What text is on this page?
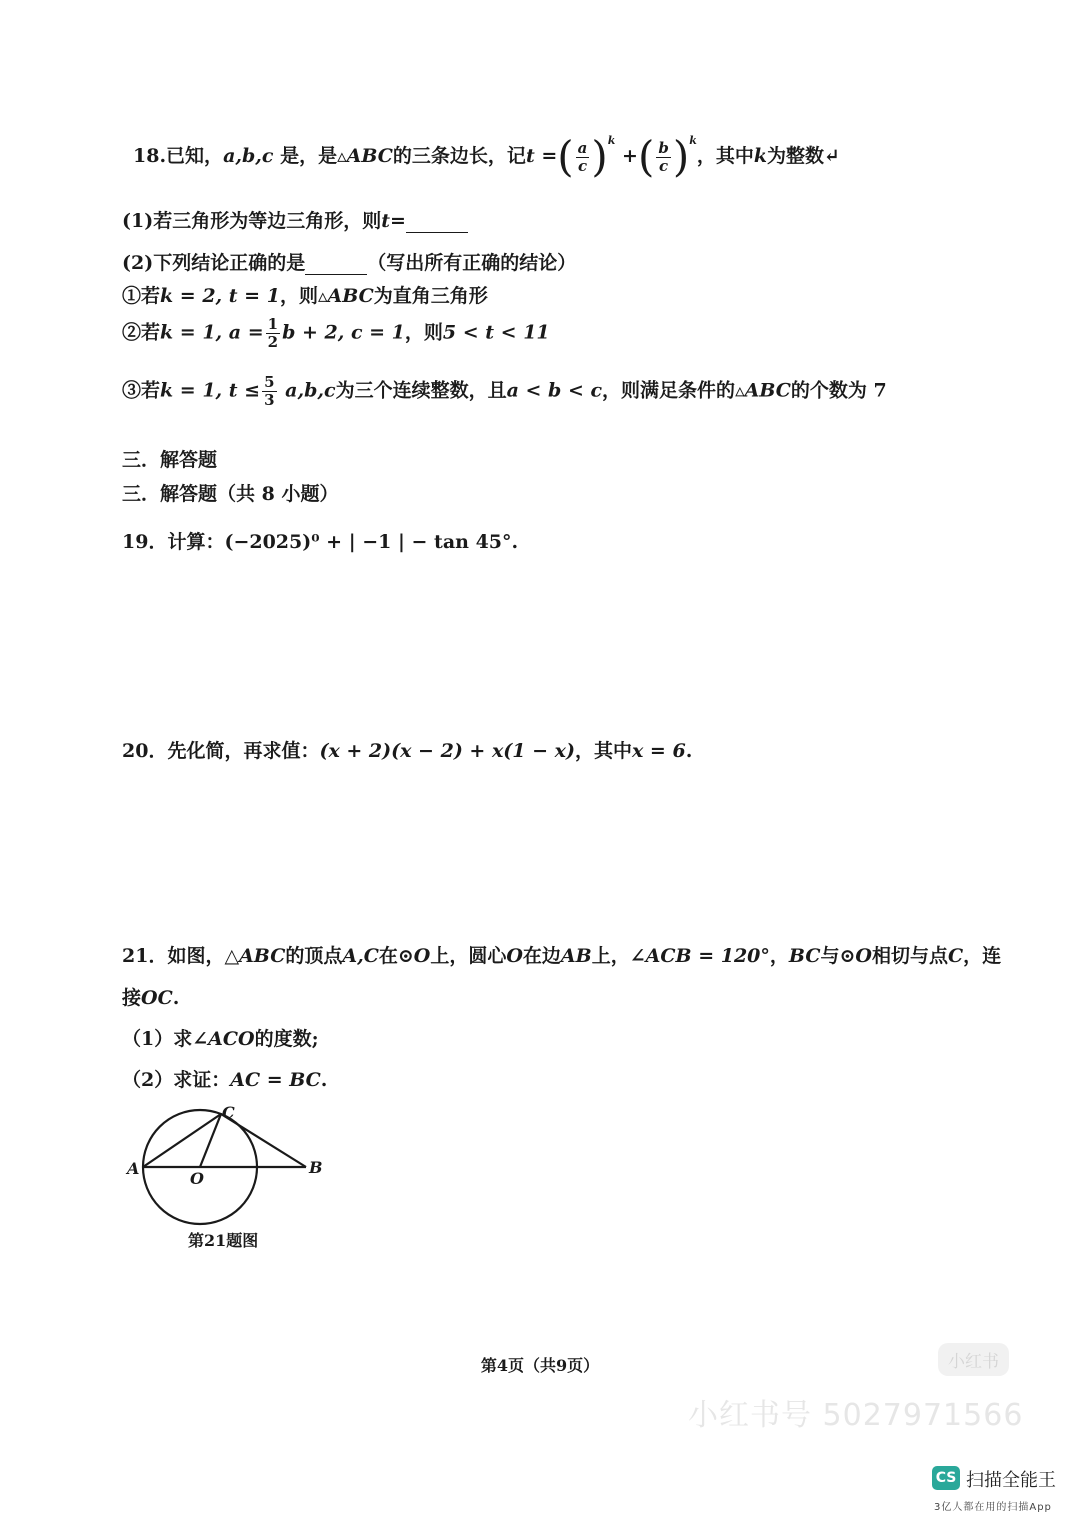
18.已知，a,b,c 是，是▵ABC的三条边长，记t =( $\frac{a}{c} )^k$ +( $\frac{b}{c} )^k$，其中k为整数↵
(1)若三角形为等边三角形，则t=
(2)下列结论正确的是	（写出所有正确的结论）
①若k = 2, t = 1，则▵ABC为直角三角形
②若k = 1, $a = \frac{1}{2}$ b + 2, c = 1，则5 < t < 11
③若k = 1, $t \le \frac{5}{3} a,b,c$为三个连续整数，且a < b < c，则满足条件的▵ABC的个数为 7
三．解答题
三．解答题（共 8 小题）
19．计算：(−2025)⁰ + | −1 | − tan 45°.
20．先化简，再求值：(x + 2)(x − 2) + x(1 − x)，其中x = 6.
21．如图，△ABC的顶点A,C在⊙O上，圆心O在边AB上，∠ACB = 120°，BC与⊙O相切与点C，连
接OC.
（1）求∠ACO的度数;
（2）求证：AC = BC.
A	B
C
O
第21题图
第4页（共9页）	小红书
小红书号 5027971566
CS 扫描全能王
3亿人都在用的扫描App
